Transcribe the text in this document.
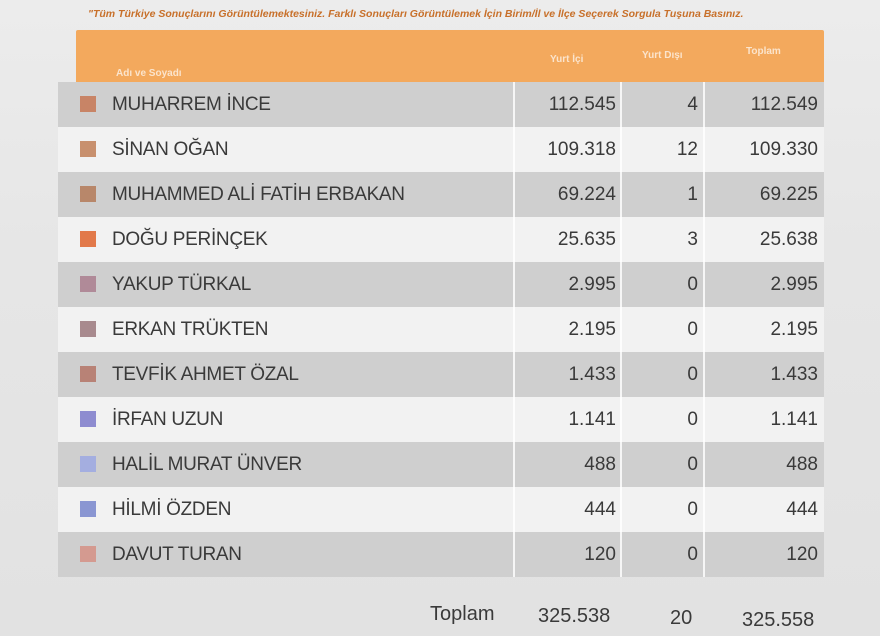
"Tüm Türkiye Sonuçlarını Görüntülemektesiniz. Farklı Sonuçları Görüntülemek İçin Birim/İl ve İlçe Seçerek Sorgula Tuşuna Basınız.
Adı ve Soyadı
Yurt İçi	Yurt Dışı	Toplam
MUHARREM İNCE	112.545	4	112.549
SİNAN OĞAN	109.318	12	109.330
MUHAMMED ALİ FATİH ERBAKAN	69.224	1	69.225
DOĞU PERİNÇEK	25.635	3	25.638
YAKUP TÜRKAL	2.995	0	2.995
ERKAN TRÜKTEN	2.195	0	2.195
TEVFİK AHMET ÖZAL	1.433	0	1.433
İRFAN UZUN	1.141	0	1.141
HALİL MURAT ÜNVER	488	0	488
HİLMİ ÖZDEN	444	0	444
DAVUT TURAN	120	0	120
Toplam 325.538	20 325.558
